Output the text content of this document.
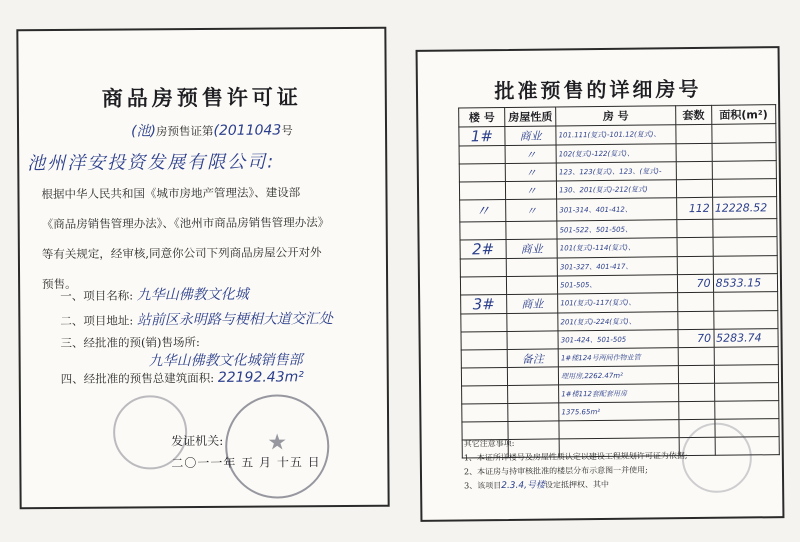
商品房预售许可证
(池)房预售证第(2011043号
池州洋安投资发展有限公司:
根据中华人民共和国《城市房地产管理法》、建设部
《商品房销售管理办法》、《池州市商品房销售管理办法》
等有关规定，经审核,同意你公司下列商品房屋公开对外
预售。
一、项目名称: 九华山佛教文化城
二、项目地址: 站前区永明路与梗相大道交汇处
三、经批准的预(销)售场所:
九华山佛教文化城销售部
四、经批准的预售总建筑面积: 22192.43m²
★
发证机关:
二〇一一年 五 月 十五 日
批准预售的详细房号
楼 号	房屋性质	房 号	套数	面积(m²)
1#	商业	101.111(复式)-101.12(复式)、		
	〃	102(复式)-122(复式)、		
	〃	123、123(复式)、123、(复式)-		
	〃	130、201(复式)-212(复式)		
〃	〃	301-314、401-412、	112	12228.52
		501-522、501-505、		
2#	商业	101(复式)-114(复式)、		
		301-327、401-417、		
		501-505、	70	8533.15
3#	商业	101(复式)-117(复式)、		
		201(复式)-224(复式)、		
		301-424、501-505	70	5283.74
	备注	1#楼124号两间作物业管		
		理用房,2262.47m²		
		1#楼112套配套用房		
		1375.65m²		

其它注意事项:
1、本证所详楼号及房屋性质认定以建设工程规划许可证为依据;
2、本证房与持审核批准的楼层分布示意图一并使用;
3、该项目2.3.4,号楼设定抵押权、其中
